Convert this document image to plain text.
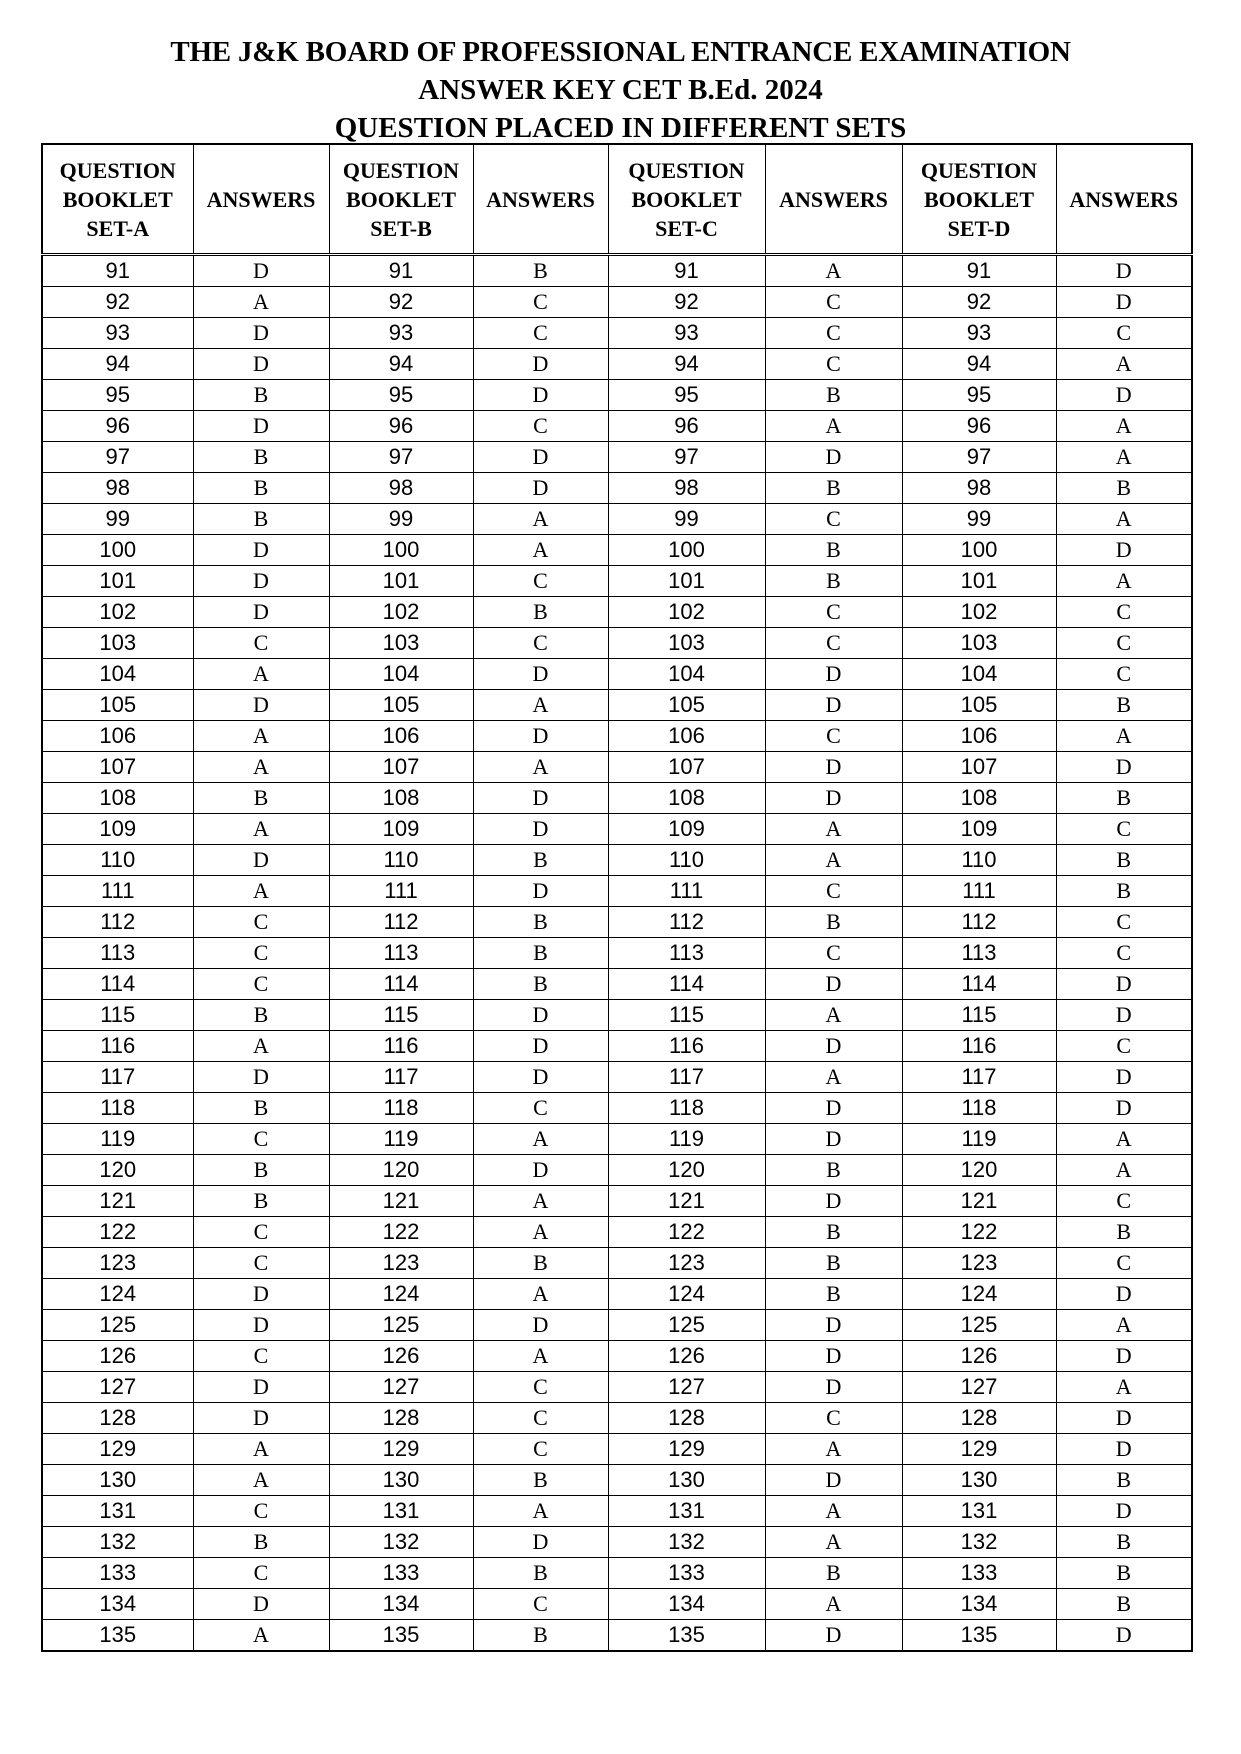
THE J&K BOARD OF PROFESSIONAL ENTRANCE EXAMINATION
ANSWER KEY CET B.Ed. 2024
QUESTION PLACED IN DIFFERENT SETS
QUESTION
BOOKLET
SET-A	ANSWERS	QUESTION
BOOKLET
SET-B	ANSWERS	QUESTION
BOOKLET
SET-C	ANSWERS	QUESTION
BOOKLET
SET-D	ANSWERS
91	D	91	B	91	A	91	D
92	A	92	C	92	C	92	D
93	D	93	C	93	C	93	C
94	D	94	D	94	C	94	A
95	B	95	D	95	B	95	D
96	D	96	C	96	A	96	A
97	B	97	D	97	D	97	A
98	B	98	D	98	B	98	B
99	B	99	A	99	C	99	A
100	D	100	A	100	B	100	D
101	D	101	C	101	B	101	A
102	D	102	B	102	C	102	C
103	C	103	C	103	C	103	C
104	A	104	D	104	D	104	C
105	D	105	A	105	D	105	B
106	A	106	D	106	C	106	A
107	A	107	A	107	D	107	D
108	B	108	D	108	D	108	B
109	A	109	D	109	A	109	C
110	D	110	B	110	A	110	B
111	A	111	D	111	C	111	B
112	C	112	B	112	B	112	C
113	C	113	B	113	C	113	C
114	C	114	B	114	D	114	D
115	B	115	D	115	A	115	D
116	A	116	D	116	D	116	C
117	D	117	D	117	A	117	D
118	B	118	C	118	D	118	D
119	C	119	A	119	D	119	A
120	B	120	D	120	B	120	A
121	B	121	A	121	D	121	C
122	C	122	A	122	B	122	B
123	C	123	B	123	B	123	C
124	D	124	A	124	B	124	D
125	D	125	D	125	D	125	A
126	C	126	A	126	D	126	D
127	D	127	C	127	D	127	A
128	D	128	C	128	C	128	D
129	A	129	C	129	A	129	D
130	A	130	B	130	D	130	B
131	C	131	A	131	A	131	D
132	B	132	D	132	A	132	B
133	C	133	B	133	B	133	B
134	D	134	C	134	A	134	B
135	A	135	B	135	D	135	D
